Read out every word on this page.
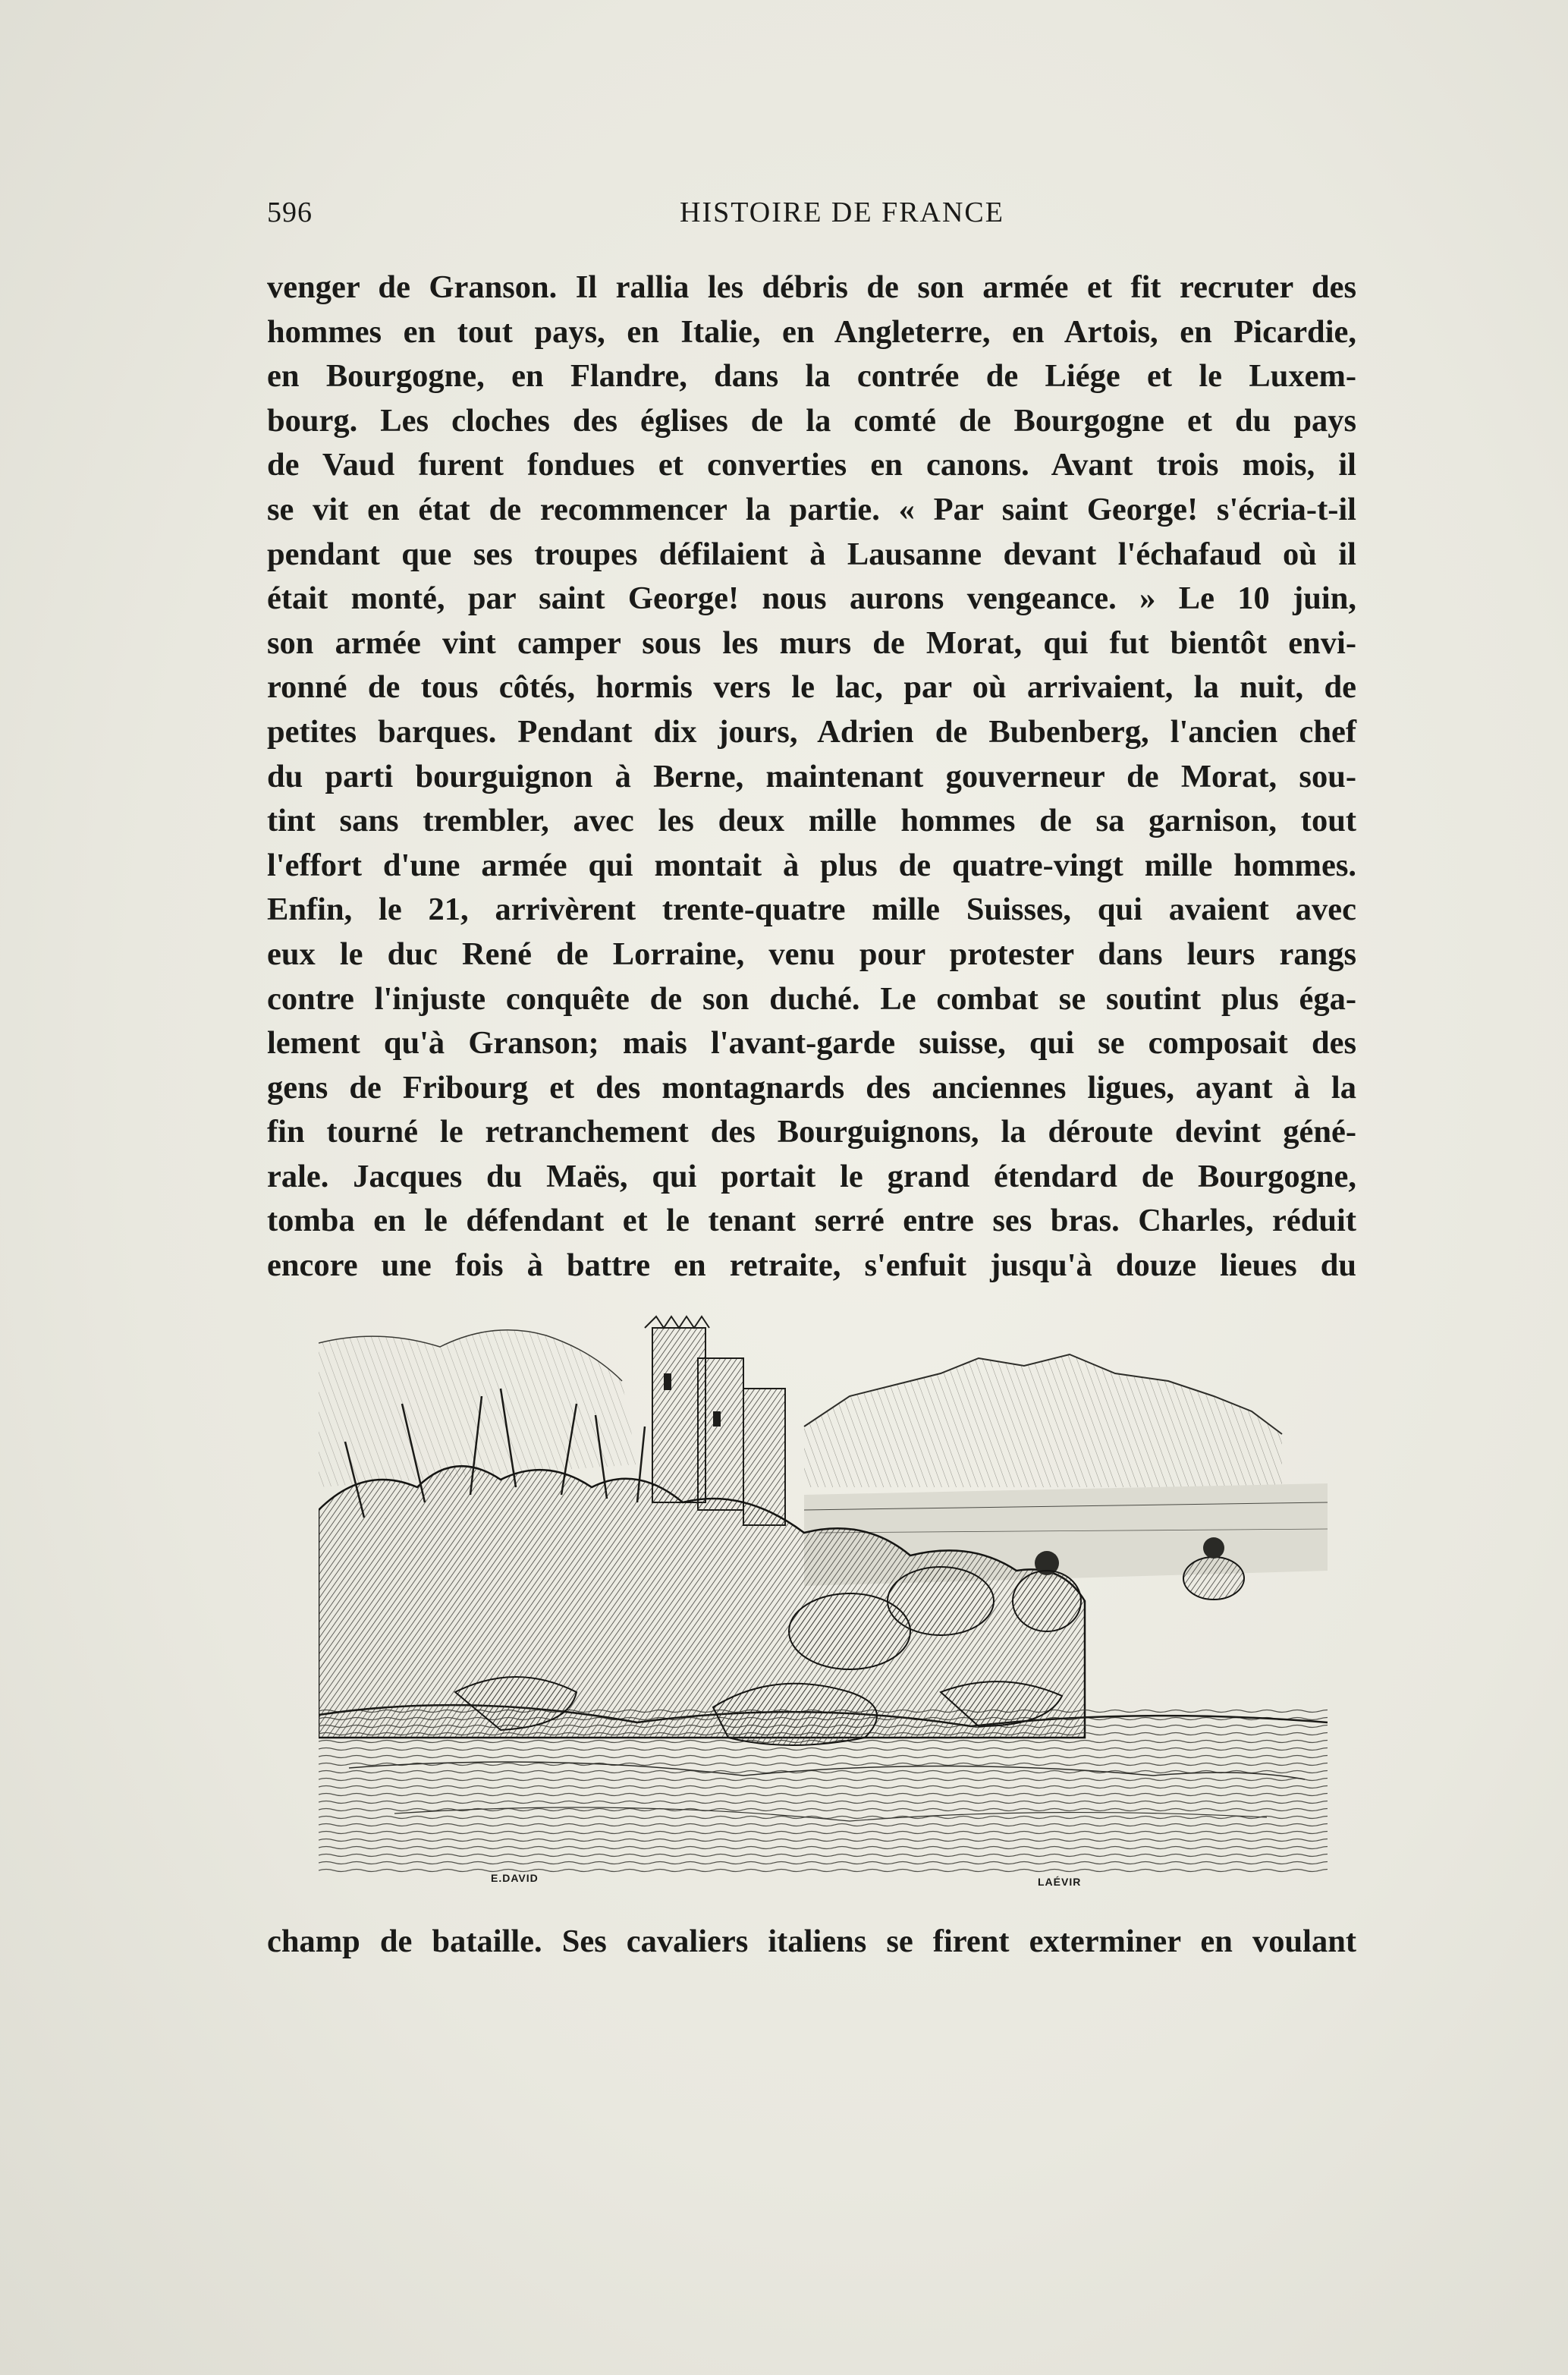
596	HISTOIRE DE FRANCE
venger de Granson. Il rallia les débris de son armée et fit recruter des
hommes en tout pays, en Italie, en Angleterre, en Artois, en Picardie,
en Bourgogne, en Flandre, dans la contrée de Liége et le Luxem-
bourg. Les cloches des églises de la comté de Bourgogne et du pays
de Vaud furent fondues et converties en canons. Avant trois mois, il
se vit en état de recommencer la partie. « Par saint George! s'écria-t-il
pendant que ses troupes défilaient à Lausanne devant l'échafaud où il
était monté, par saint George! nous aurons vengeance. » Le 10 juin,
son armée vint camper sous les murs de Morat, qui fut bientôt envi-
ronné de tous côtés, hormis vers le lac, par où arrivaient, la nuit, de
petites barques. Pendant dix jours, Adrien de Bubenberg, l'ancien chef
du parti bourguignon à Berne, maintenant gouverneur de Morat, sou-
tint sans trembler, avec les deux mille hommes de sa garnison, tout
l'effort d'une armée qui montait à plus de quatre-vingt mille hommes.
Enfin, le 21, arrivèrent trente-quatre mille Suisses, qui avaient avec
eux le duc René de Lorraine, venu pour protester dans leurs rangs
contre l'injuste conquête de son duché. Le combat se soutint plus éga-
lement qu'à Granson; mais l'avant-garde suisse, qui se composait des
gens de Fribourg et des montagnards des anciennes ligues, ayant à la
fin tourné le retranchement des Bourguignons, la déroute devint géné-
rale. Jacques du Maës, qui portait le grand étendard de Bourgogne,
tomba en le défendant et le tenant serré entre ses bras. Charles, réduit
encore une fois à battre en retraite, s'enfuit jusqu'à douze lieues du
E.DAVID	LAÉVIR
champ de bataille. Ses cavaliers italiens se firent exterminer en voulant
